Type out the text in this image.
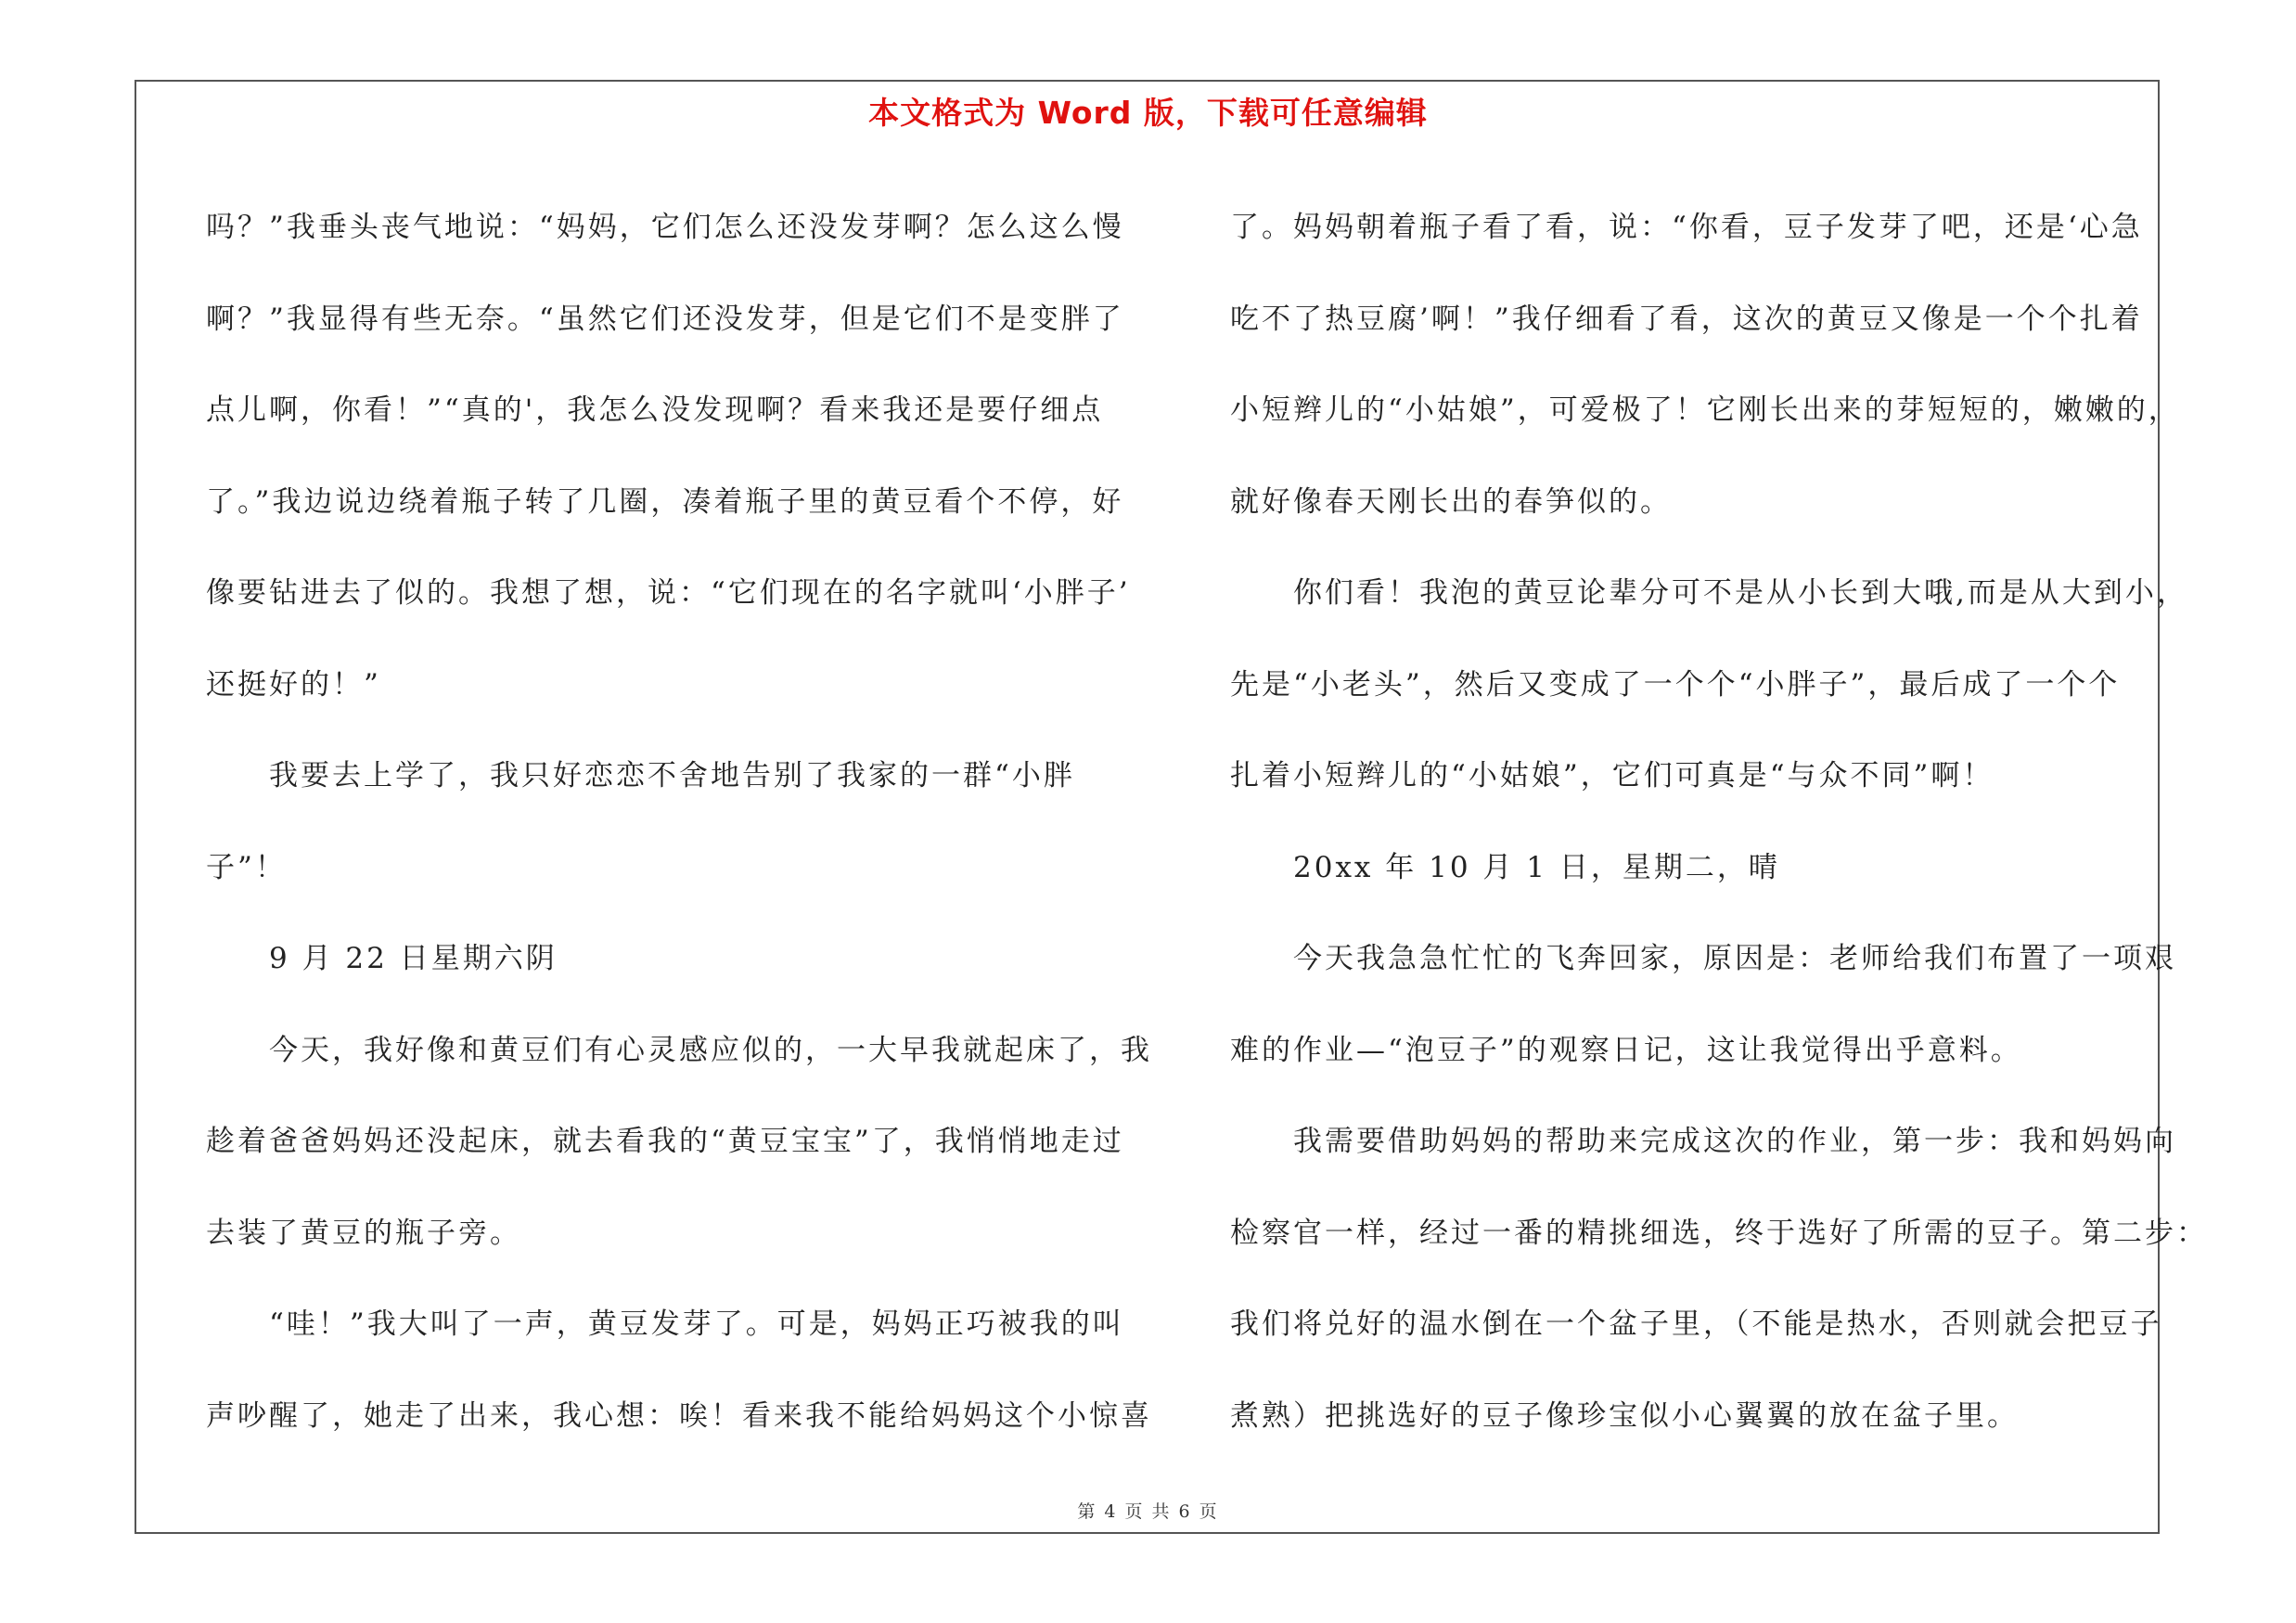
本文格式为 Word 版，下载可任意编辑
吗？”我垂头丧气地说：“妈妈，它们怎么还没发芽啊？怎么这么慢
啊？”我显得有些无奈。“虽然它们还没发芽，但是它们不是变胖了
点儿啊，你看！”“真的'，我怎么没发现啊？看来我还是要仔细点
了。”我边说边绕着瓶子转了几圈，凑着瓶子里的黄豆看个不停，好
像要钻进去了似的。我想了想，说：“它们现在的名字就叫‘小胖子’
还挺好的！”
　　我要去上学了，我只好恋恋不舍地告别了我家的一群“小胖
子”！
　　9 月 22 日星期六阴
　　今天，我好像和黄豆们有心灵感应似的，一大早我就起床了，我
趁着爸爸妈妈还没起床，就去看我的“黄豆宝宝”了，我悄悄地走过
去装了黄豆的瓶子旁。
　　“哇！”我大叫了一声，黄豆发芽了。可是，妈妈正巧被我的叫
声吵醒了，她走了出来，我心想：唉！看来我不能给妈妈这个小惊喜
了。妈妈朝着瓶子看了看，说：“你看，豆子发芽了吧，还是‘心急
吃不了热豆腐’啊！”我仔细看了看，这次的黄豆又像是一个个扎着
小短辫儿的“小姑娘”，可爱极了！它刚长出来的芽短短的，嫩嫩的，
就好像春天刚长出的春笋似的。
　　你们看！我泡的黄豆论辈分可不是从小长到大哦,而是从大到小，
先是“小老头”，然后又变成了一个个“小胖子”，最后成了一个个
扎着小短辫儿的“小姑娘”，它们可真是“与众不同”啊！
　　20xx 年 10 月 1 日，星期二，晴
　　今天我急急忙忙的飞奔回家，原因是：老师给我们布置了一项艰
难的作业—“泡豆子”的观察日记，这让我觉得出乎意料。
　　我需要借助妈妈的帮助来完成这次的作业，第一步：我和妈妈向
检察官一样，经过一番的精挑细选，终于选好了所需的豆子。第二步：
我们将兑好的温水倒在一个盆子里，（不能是热水，否则就会把豆子
煮熟）把挑选好的豆子像珍宝似小心翼翼的放在盆子里。
第 4 页 共 6 页
